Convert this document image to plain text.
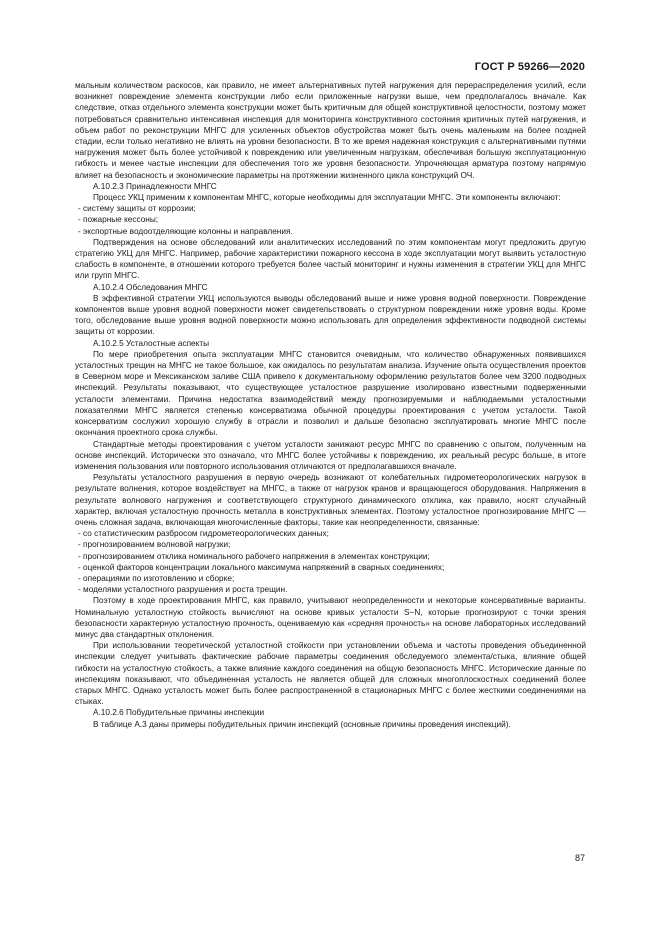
ГОСТ Р 59266—2020

мальным количеством раскосов, как правило, не имеет альтернативных путей нагружения для перераспределения усилий, если возникнет повреждение элемента конструкции либо если приложенные нагрузки выше, чем предполагалось вначале. Как следствие, отказ отдельного элемента конструкции может быть критичным для общей конструктивной целостности, поэтому может потребоваться сравнительно интенсивная инспекция для мониторинга конструктивного состояния критичных путей нагружения, и объем работ по реконструкции МНГС для усиленных объектов обустройства может быть очень маленьким на более поздней стадии, если только негативно не влиять на уровни безопасности. В то же время надежная конструкция с альтернативными путями нагружения может быть более устойчивой к повреждению или увеличенным нагрузкам, обеспечивая большую эксплуатационную гибкость и менее частые инспекции для обеспечения того же уровня безопасности. Упрочняющая арматура поэтому напрямую влияет на безопасность и экономические параметры на протяжении жизненного цикла конструкций ОЧ.

А.10.2.3 Принадлежности МНГС

Процесс УКЦ применим к компонентам МНГС, которые необходимы для эксплуатации МНГС. Эти компоненты включают:

- систему защиты от коррозии;

- пожарные кессоны;

- экспортные водоотделяющие колонны и направления.

Подтверждения на основе обследований или аналитических исследований по этим компонентам могут предложить другую стратегию УКЦ для МНГС. Например, рабочие характеристики пожарного кессона в ходе эксплуатации могут выявить усталостную слабость в компоненте, в отношении которого требуется более частый мониторинг и нужны изменения в стратегии УКЦ для МНГС или групп МНГС.

А.10.2.4 Обследования МНГС

В эффективной стратегии УКЦ используются выводы обследований выше и ниже уровня водной поверхности. Повреждение компонентов выше уровня водной поверхности может свидетельствовать о структурном повреждении ниже уровня воды. Кроме того, обследование выше уровня водной поверхности можно использовать для определения эффективности подводной системы защиты от коррозии.

А.10.2.5 Усталостные аспекты

По мере приобретения опыта эксплуатации МНГС становится очевидным, что количество обнаруженных появившихся усталостных трещин на МНГС не такое большое, как ожидалось по результатам анализа. Изучение опыта осуществления проектов в Северном море и Мексиканском заливе США привело к документальному оформлению результатов более чем 3200 подводных инспекций. Результаты показывают, что существующее усталостное разрушение изолировано известными подверженными усталости элементами. Причина недостатка взаимодействий между прогнозируемыми и наблюдаемыми усталостными показателями МНГС является степенью консерватизма обычной процедуры проектирования с учетом усталости. Такой консерватизм сослужил хорошую службу в отрасли и позволил и дальше безопасно эксплуатировать многие МНГС после окончания проектного срока службы.

Стандартные методы проектирования с учетом усталости занижают ресурс МНГС по сравнению с опытом, полученным на основе инспекций. Исторически это означало, что МНГС более устойчивы к повреждению, их реальный ресурс больше, в итоге изменения пользования или повторного использования отличаются от предполагавшихся вначале.

Результаты усталостного разрушения в первую очередь возникают от колебательных гидрометеорологических нагрузок в результате волнения, которое воздействует на МНГС, а также от нагрузок кранов и вращающегося оборудования. Напряжения в результате волнового нагружения и соответствующего структурного динамического отклика, как правило, носят случайный характер, включая усталостную прочность металла в конструктивных элементах. Поэтому усталостное прогнозирование МНГС — очень сложная задача, включающая многочисленные факторы, такие как неопределенности, связанные:

- со статистическим разбросом гидрометеорологических данных;

- прогнозированием волновой нагрузки;

- прогнозированием отклика номинального рабочего напряжения в элементах конструкции;

- оценкой факторов концентрации локального максимума напряжений в сварных соединениях;

- операциями по изготовлению и сборке;

- моделями усталостного разрушения и роста трещин.

Поэтому в ходе проектирования МНГС, как правило, учитывают неопределенности и некоторые консервативные варианты. Номинальную усталостную стойкость вычисляют на основе кривых усталости S−N, которые прогнозируют с точки зрения безопасности характерную усталостную прочность, оцениваемую как «средняя прочность» на основе лабораторных исследований минус два стандартных отклонения.

При использовании теоретической усталостной стойкости при установлении объема и частоты проведения объединенной инспекции следует учитывать фактические рабочие параметры соединения обследуемого элемента/стыка, влияние общей гибкости на усталостную стойкость, а также влияние каждого соединения на общую безопасность МНГС. Исторические данные по инспекциям показывают, что объединенная усталость не является общей для сложных многоплоскостных соединений более старых МНГС. Однако усталость может быть более распространенной в стационарных МНГС с более жесткими соединениями на стыках.

А.10.2.6 Побудительные причины инспекции

В таблице А.3 даны примеры побудительных причин инспекций (основные причины проведения инспекций).

87
